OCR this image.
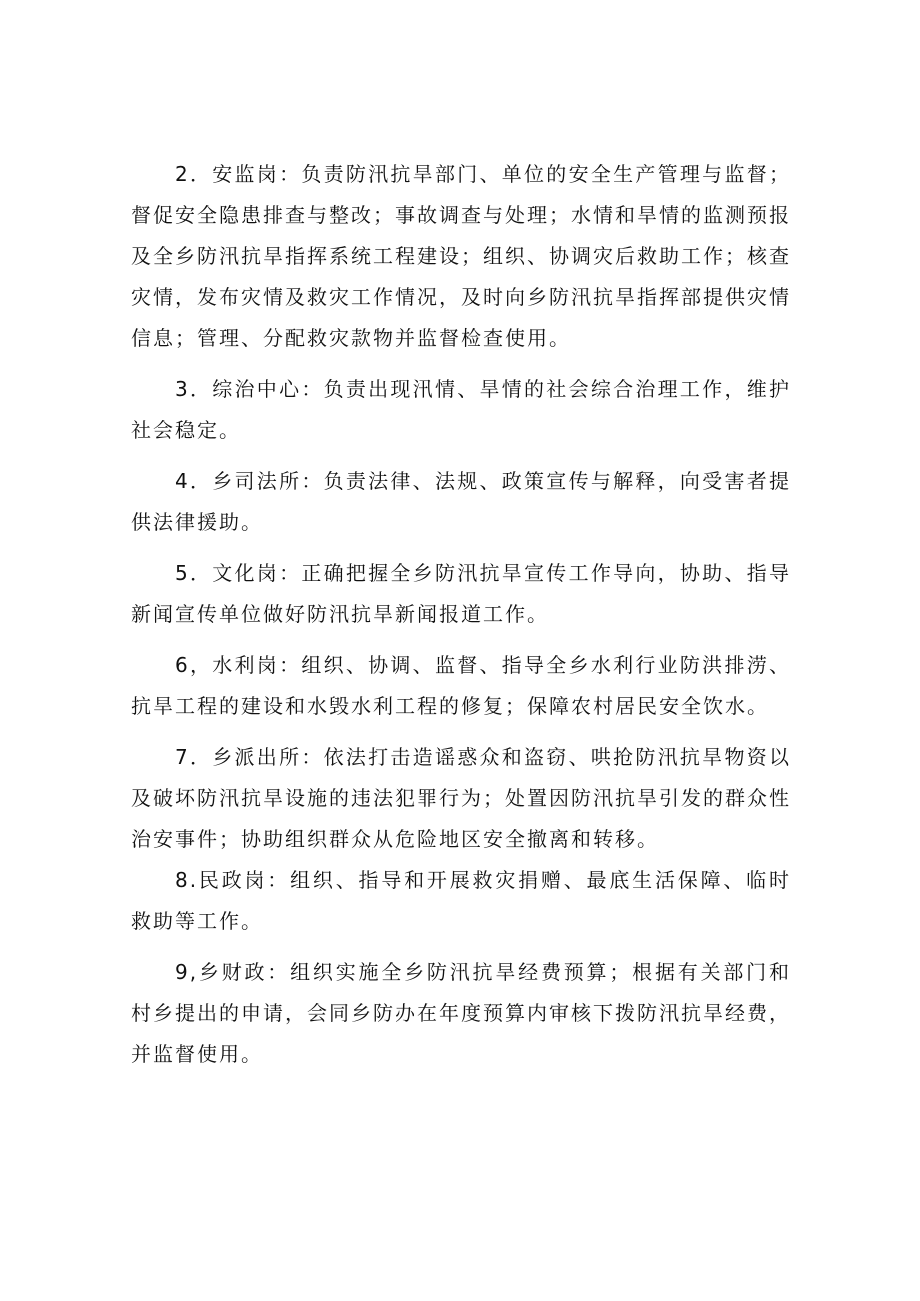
2．安监岗：负责防汛抗旱部门、单位的安全生产管理与监督；督促安全隐患排查与整改；事故调查与处理；水情和旱情的监测预报及全乡防汛抗旱指挥系统工程建设；组织、协调灾后救助工作；核查灾情，发布灾情及救灾工作情况，及时向乡防汛抗旱指挥部提供灾情信息；管理、分配救灾款物并监督检查使用。

3．综治中心：负责出现汛情、旱情的社会综合治理工作，维护社会稳定。

4．乡司法所：负责法律、法规、政策宣传与解释，向受害者提供法律援助。

5．文化岗：正确把握全乡防汛抗旱宣传工作导向，协助、指导新闻宣传单位做好防汛抗旱新闻报道工作。

6，水利岗：组织、协调、监督、指导全乡水利行业防洪排涝、抗旱工程的建设和水毁水利工程的修复；保障农村居民安全饮水。

7．乡派出所：依法打击造谣惑众和盗窃、哄抢防汛抗旱物资以及破坏防汛抗旱设施的违法犯罪行为；处置因防汛抗旱引发的群众性治安事件；协助组织群众从危险地区安全撤离和转移。

8.民政岗：组织、指导和开展救灾捐赠、最底生活保障、临时救助等工作。

9,乡财政：组织实施全乡防汛抗旱经费预算；根据有关部门和村乡提出的申请，会同乡防办在年度预算内审核下拨防汛抗旱经费，并监督使用。
